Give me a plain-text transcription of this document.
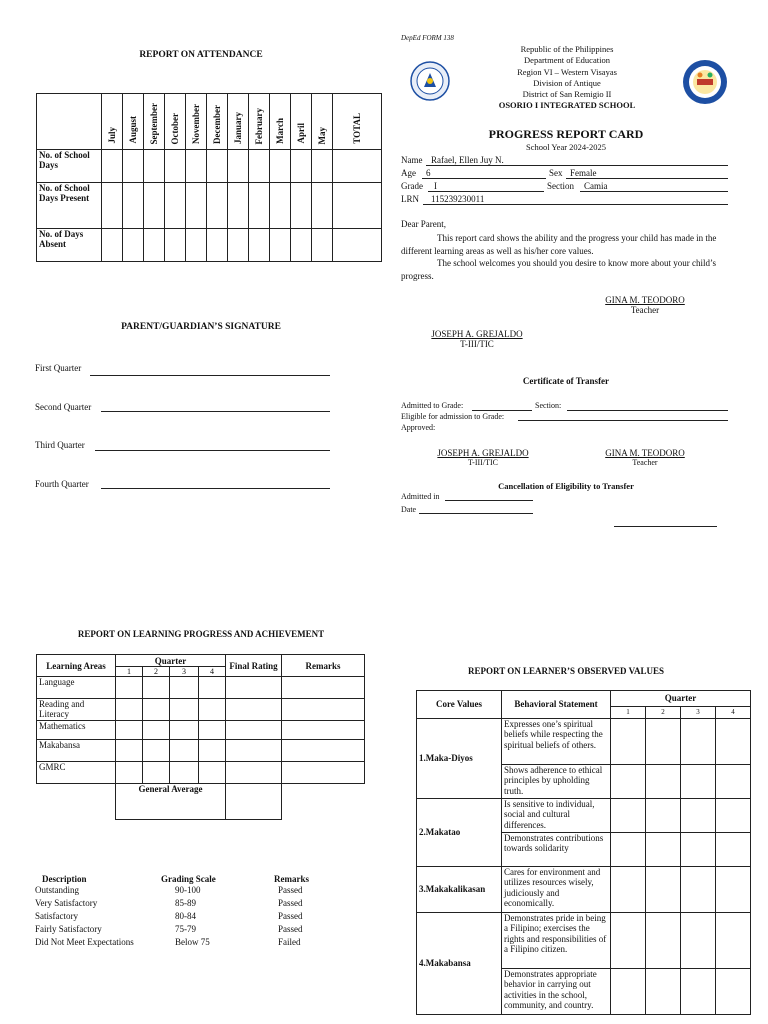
REPORT ON ATTENDANCE
	July	August	September	October	November	December	January	February	March	April	May	TOTAL
No. of School Days												
No. of School Days Present												
No. of Days Absent												
PARENT/GUARDIAN’S SIGNATURE
First Quarter
Second Quarter
Third Quarter
Fourth Quarter
DepEd FORM 138
Republic of the Philippines
Department of Education
Region VI – Western Visayas
Division of Antique
District of San Remigio II
OSORIO I INTEGRATED SCHOOL
PROGRESS REPORT CARD
School Year 2024-2025
Name Rafael, Ellen Juy N.
Age	6	Sex Female
Grade	I	Section	Camia
LRN	115239230011
Dear Parent,
This report card shows the ability and the progress your child has made in the different learning areas as well as his/her core values.
The school welcomes you should you desire to know more about your child’s progress.
GINA M. TEODORO
Teacher
JOSEPH A. GREJALDO
T-III/TIC
Certificate of Transfer
Admitted to Grade:	Section:
Eligible for admission to Grade:
Approved:
JOSEPH A. GREJALDO
T-III/TIC
GINA M. TEODORO
Teacher
Cancellation of Eligibility to Transfer
Admitted in
Date
REPORT ON LEARNING PROGRESS AND ACHIEVEMENT
Learning Areas	Quarter				Final Rating	Remarks
	1	2	3	4		
Language						
Reading and Literacy						
Mathematics						
Makabansa						
GMRC						
	General Average					
Description	Grading Scale	Remarks
Outstanding	90-100	Passed
Very Satisfactory	85-89	Passed
Satisfactory	80-84	Passed
Fairly Satisfactory	75-79	Passed
Did Not Meet Expectations	Below 75	Failed
REPORT ON LEARNER’S OBSERVED VALUES
Core Values	Behavioral Statement	Quarter			
		1	2	3	4
1.Maka-Diyos	Expresses one’s spiritual beliefs while respecting the spiritual beliefs of others.				
	Shows adherence to ethical principles by upholding truth.				
2.Makatao	Is sensitive to individual, social and cultural differences.				
	Demonstrates contributions towards solidarity				
3.Makakalikasan	Cares for environment and utilizes resources wisely, judiciously and economically.				
4.Makabansa	Demonstrates pride in being a Filipino; exercises the rights and responsibilities of a Filipino citizen.				
	Demonstrates appropriate behavior in carrying out activities in the school, community, and country.				
